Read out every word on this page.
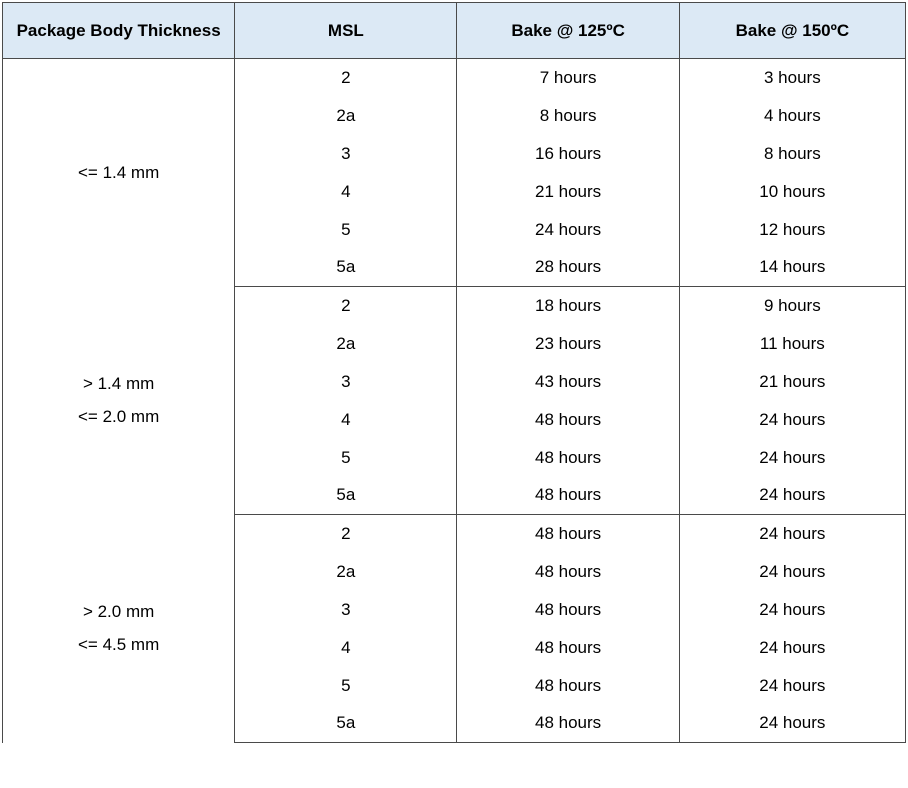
Package Body Thickness	MSL	Bake @ 125ºC	Bake @ 150ºC

<= 1.4 mm	2	7 hours	3 hours
	2a	8 hours	4 hours
	3	16 hours	8 hours
	4	21 hours	10 hours
	5	24 hours	12 hours
	5a	28 hours	14 hours

> 1.4 mm
<= 2.0 mm	2	18 hours	9 hours
	2a	23 hours	11 hours
	3	43 hours	21 hours
	4	48 hours	24 hours
	5	48 hours	24 hours
	5a	48 hours	24 hours

> 2.0 mm
<= 4.5 mm	2	48 hours	24 hours
	2a	48 hours	24 hours
	3	48 hours	24 hours
	4	48 hours	24 hours
	5	48 hours	24 hours
	5a	48 hours	24 hours
